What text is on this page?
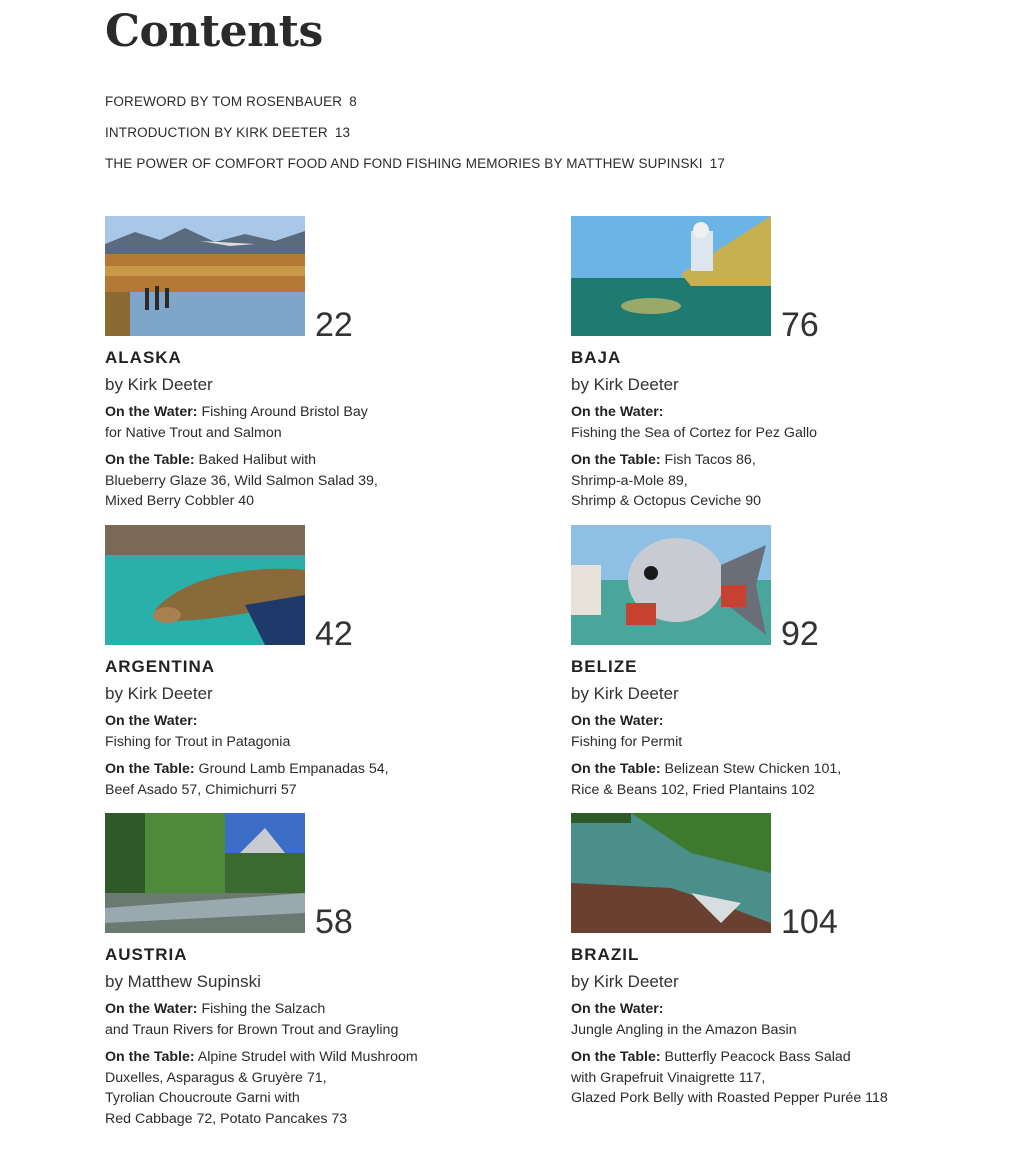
Contents
FOREWORD BY TOM ROSENBAUER 8
INTRODUCTION BY KIRK DEETER 13
THE POWER OF COMFORT FOOD AND FOND FISHING MEMORIES BY MATTHEW SUPINSKI 17
22
ALASKA
by Kirk Deeter
On the Water: Fishing Around Bristol Bay
for Native Trout and Salmon
On the Table: Baked Halibut with
Blueberry Glaze 36, Wild Salmon Salad 39,
Mixed Berry Cobbler 40
76
BAJA
by Kirk Deeter
On the Water:
Fishing the Sea of Cortez for Pez Gallo
On the Table: Fish Tacos 86,
Shrimp-a-Mole 89,
Shrimp & Octopus Ceviche 90
42
ARGENTINA
by Kirk Deeter
On the Water:
Fishing for Trout in Patagonia
On the Table: Ground Lamb Empanadas 54,
Beef Asado 57, Chimichurri 57
92
BELIZE
by Kirk Deeter
On the Water:
Fishing for Permit
On the Table: Belizean Stew Chicken 101,
Rice & Beans 102, Fried Plantains 102
58
AUSTRIA
by Matthew Supinski
On the Water: Fishing the Salzach
and Traun Rivers for Brown Trout and Grayling
On the Table: Alpine Strudel with Wild Mushroom
Duxelles, Asparagus & Gruyère 71,
Tyrolian Choucroute Garni with
Red Cabbage 72, Potato Pancakes 73
104
BRAZIL
by Kirk Deeter
On the Water:
Jungle Angling in the Amazon Basin
On the Table: Butterfly Peacock Bass Salad
with Grapefruit Vinaigrette 117,
Glazed Pork Belly with Roasted Pepper Purée 118
